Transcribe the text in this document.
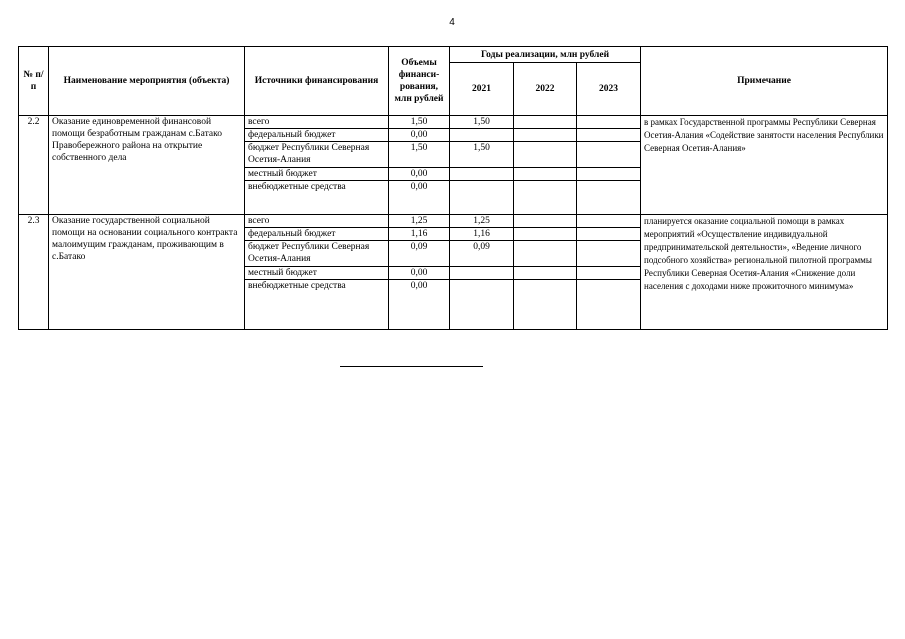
4
№ п/п	Наименование мероприятия (объекта)	Источники финансирования	Объемы финанси-рования, млн рублей	Годы реализации, млн рублей			Примечание
				2021	2022	2023	
2.2	Оказание единовременной финансовой помощи безработным гражданам с.Батако Правобережного района на открытие собственного дела	всего	1,50	1,50			в рамках Государственной программы Республики Северная Осетия-Алания «Содействие занятости населения Республики Северная Осетия-Алания»
		федеральный бюджет	0,00				
		бюджет Республики Северная Осетия-Алания	1,50	1,50			
		местный бюджет	0,00				
		внебюджетные средства	0,00				
2.3	Оказание государственной социальной помощи на основании социального контракта малоимущим гражданам, проживающим в с.Батако	всего	1,25	1,25			планируется оказание социальной помощи в рамках мероприятий «Осуществление индивидуальной предпринимательской деятельности», «Ведение личного подсобного хозяйства» региональной пилотной программы Республики Северная Осетия-Алания «Снижение доли населения с доходами ниже прожиточного минимума»
		федеральный бюджет	1,16	1,16			
		бюджет Республики Северная Осетия-Алания	0,09	0,09			
		местный бюджет	0,00				
		внебюджетные средства	0,00				
